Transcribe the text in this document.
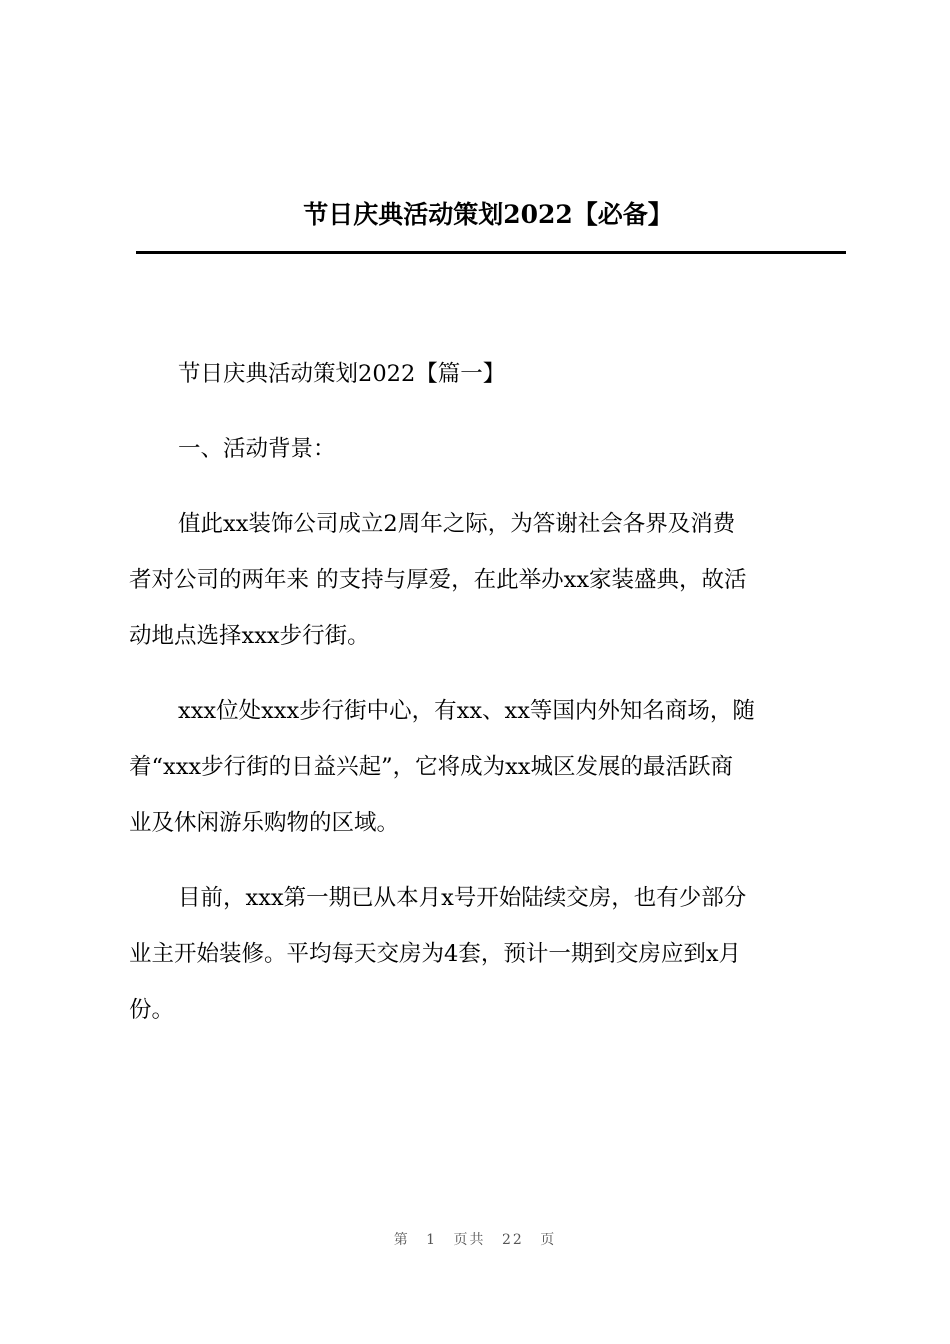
节日庆典活动策划2022【必备】

节日庆典活动策划2022【篇一】

一、活动背景：

值此xx装饰公司成立2周年之际，为答谢社会各界及消费
者对公司的两年来 的支持与厚爱，在此举办xx家装盛典，故活
动地点选择xxx步行街。

xxx位处xxx步行街中心，有xx、xx等国内外知名商场，随
着“xxx步行街的日益兴起”，它将成为xx城区发展的最活跃商
业及休闲游乐购物的区域。

目前，xxx第一期已从本月x号开始陆续交房，也有少部分
业主开始装修。平均每天交房为4套，预计一期到交房应到x月
份。

第 1 页共 22 页
